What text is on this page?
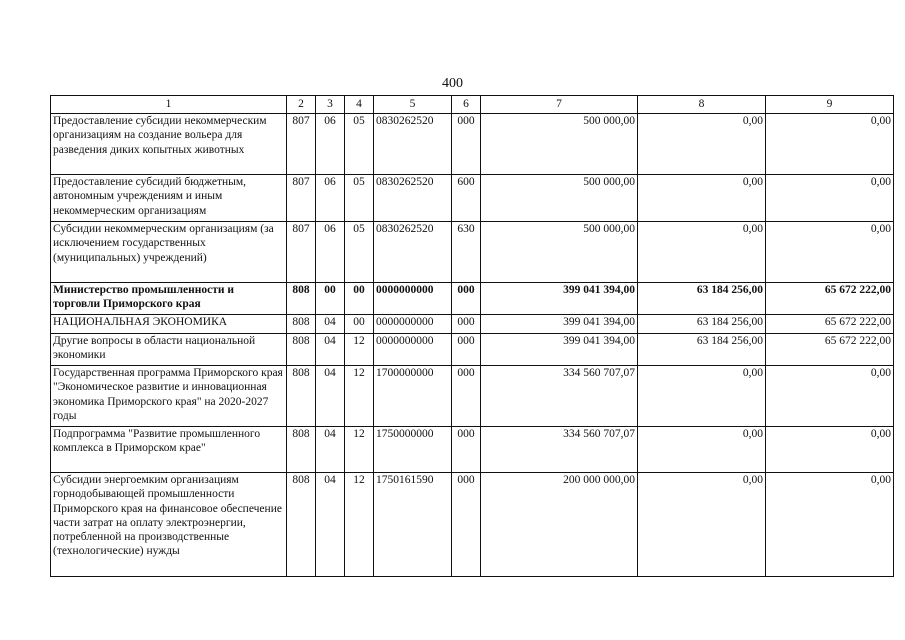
400
1	2	3	4	5	6	7	8	9
Предоставление субсидии некоммерческим организациям на создание вольера для разведения диких копытных животных	807	06	05	0830262520	000	500 000,00	0,00	0,00
Предоставление субсидий бюджетным, автономным учреждениям и иным некоммерческим организациям	807	06	05	0830262520	600	500 000,00	0,00	0,00
Субсидии некоммерческим организациям (за исключением государственных (муниципальных) учреждений)	807	06	05	0830262520	630	500 000,00	0,00	0,00
Министерство промышленности и торговли Приморского края	808	00	00	0000000000	000	399 041 394,00	63 184 256,00	65 672 222,00
НАЦИОНАЛЬНАЯ ЭКОНОМИКА	808	04	00	0000000000	000	399 041 394,00	63 184 256,00	65 672 222,00
Другие вопросы в области национальной экономики	808	04	12	0000000000	000	399 041 394,00	63 184 256,00	65 672 222,00
Государственная программа Приморского края "Экономическое развитие и инновационная экономика Приморского края" на 2020-2027 годы	808	04	12	1700000000	000	334 560 707,07	0,00	0,00
Подпрограмма "Развитие промышленного комплекса в Приморском крае"	808	04	12	1750000000	000	334 560 707,07	0,00	0,00
Субсидии энергоемким организациям горнодобывающей промышленности Приморского края на финансовое обеспечение части затрат на оплату электроэнергии, потребленной на производственные (технологические) нужды	808	04	12	1750161590	000	200 000 000,00	0,00	0,00
